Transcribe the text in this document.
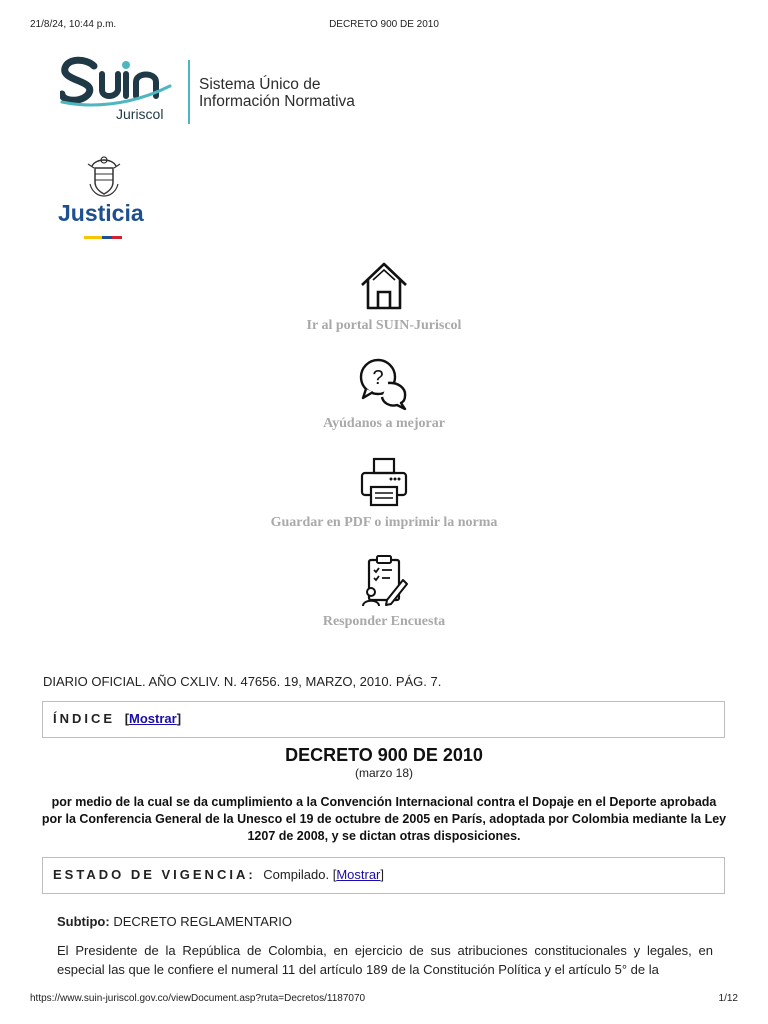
21/8/24, 10:44 p.m.	DECRETO 900 DE 2010
Juriscol
Sistema Único de
Información Normativa
Justicia
Ir al portal SUIN-Juriscol
?
Ayúdanos a mejorar
Guardar en PDF o imprimir la norma
Responder Encuesta
DIARIO OFICIAL. AÑO CXLIV. N. 47656. 19, MARZO, 2010. PÁG. 7.
ÍNDICE [Mostrar]
DECRETO 900 DE 2010
(marzo 18)
por medio de la cual se da cumplimiento a la Convención Internacional contra el Dopaje en el Deporte aprobada por la Conferencia General de la Unesco el 19 de octubre de 2005 en París, adoptada por Colombia mediante la Ley 1207 de 2008, y se dictan otras disposiciones.
ESTADO DE VIGENCIA: Compilado. [Mostrar]
Subtipo: DECRETO REGLAMENTARIO
El Presidente de la República de Colombia, en ejercicio de sus atribuciones constitucionales y legales, en especial las que le confiere el numeral 11 del artículo 189 de la Constitución Política y el artículo 5° de la
https://www.suin-juriscol.gov.co/viewDocument.asp?ruta=Decretos/1187070	1/12
